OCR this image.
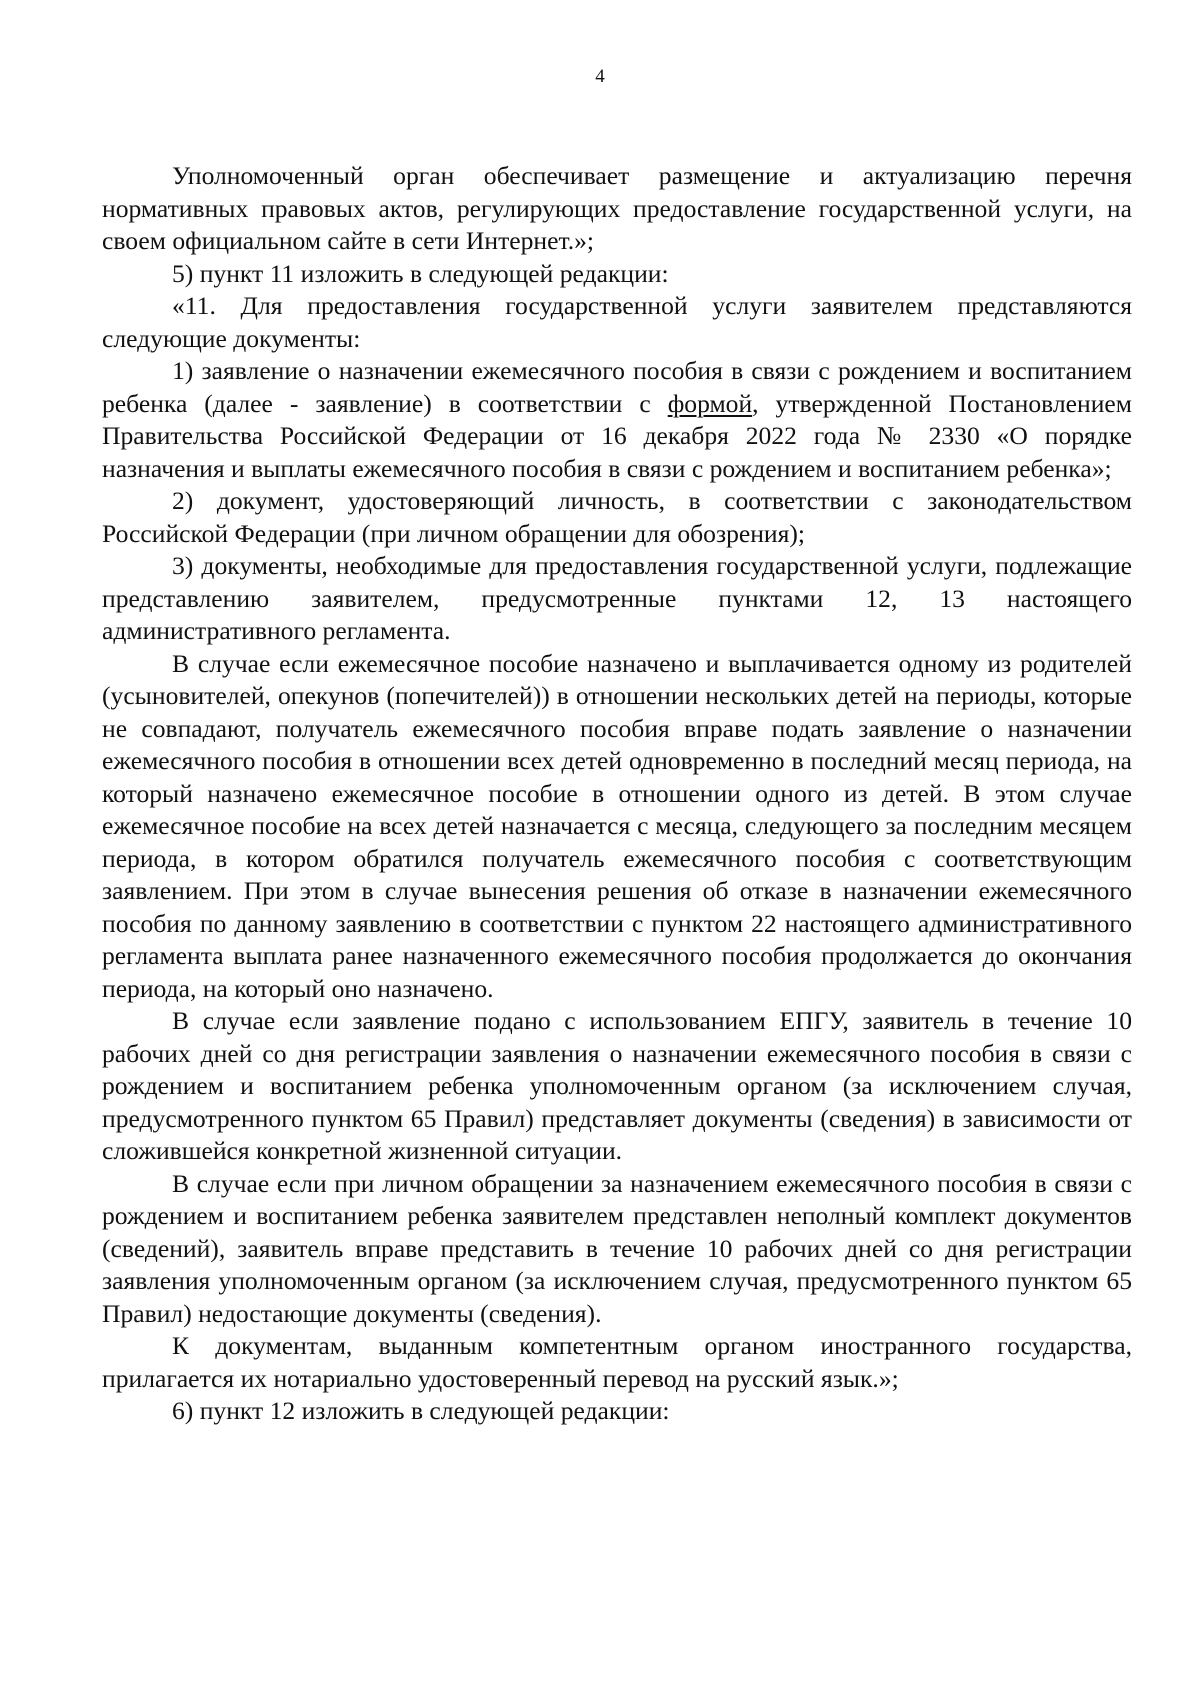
4

Уполномоченный орган обеспечивает размещение и актуализацию перечня нормативных правовых актов, регулирующих предоставление государственной услуги, на своем официальном сайте в сети Интернет.»;

5) пункт 11 изложить в следующей редакции:

«11. Для предоставления государственной услуги заявителем представляются следующие документы:

1) заявление о назначении ежемесячного пособия в связи с рождением и воспитанием ребенка (далее - заявление) в соответствии с формой, утвержденной Постановлением Правительства Российской Федерации от 16 декабря 2022 года № 2330 «О порядке назначения и выплаты ежемесячного пособия в связи с рождением и воспитанием ребенка»;

2) документ, удостоверяющий личность, в соответствии с законодательством Российской Федерации (при личном обращении для обозрения);

3) документы, необходимые для предоставления государственной услуги, подлежащие представлению заявителем, предусмотренные пунктами 12, 13 настоящего административного регламента.

В случае если ежемесячное пособие назначено и выплачивается одному из родителей (усыновителей, опекунов (попечителей)) в отношении нескольких детей на периоды, которые не совпадают, получатель ежемесячного пособия вправе подать заявление о назначении ежемесячного пособия в отношении всех детей одновременно в последний месяц периода, на который назначено ежемесячное пособие в отношении одного из детей. В этом случае ежемесячное пособие на всех детей назначается с месяца, следующего за последним месяцем периода, в котором обратился получатель ежемесячного пособия с соответствующим заявлением. При этом в случае вынесения решения об отказе в назначении ежемесячного пособия по данному заявлению в соответствии с пунктом 22 настоящего административного регламента выплата ранее назначенного ежемесячного пособия продолжается до окончания периода, на который оно назначено.

В случае если заявление подано с использованием ЕПГУ, заявитель в течение 10 рабочих дней со дня регистрации заявления о назначении ежемесячного пособия в связи с рождением и воспитанием ребенка уполномоченным органом (за исключением случая, предусмотренного пунктом 65 Правил) представляет документы (сведения) в зависимости от сложившейся конкретной жизненной ситуации.

В случае если при личном обращении за назначением ежемесячного пособия в связи с рождением и воспитанием ребенка заявителем представлен неполный комплект документов (сведений), заявитель вправе представить в течение 10 рабочих дней со дня регистрации заявления уполномоченным органом (за исключением случая, предусмотренного пунктом 65 Правил) недостающие документы (сведения).

К документам, выданным компетентным органом иностранного государства, прилагается их нотариально удостоверенный перевод на русский язык.»;

6) пункт 12 изложить в следующей редакции:
